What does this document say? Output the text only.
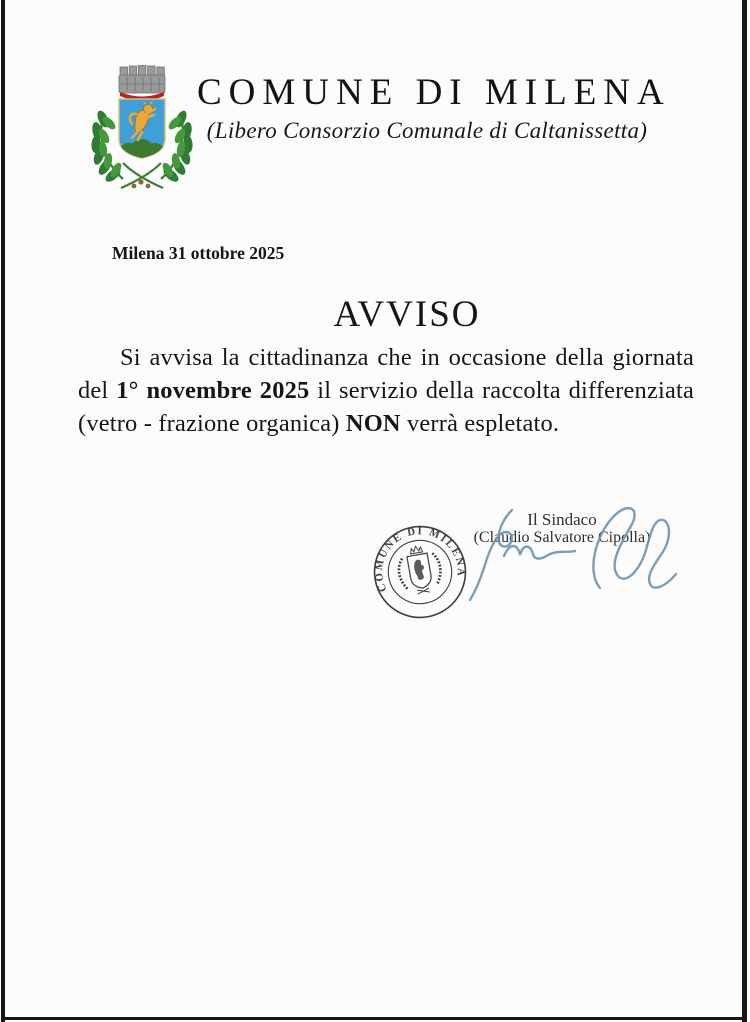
COMUNE DI MILENA
(Libero Consorzio Comunale di Caltanissetta)
Milena 31 ottobre 2025
AVVISO

Si avvisa la cittadinanza che in occasione della giornata del 1° novembre 2025 il servizio della raccolta differenziata (vetro - frazione organica) NON verrà espletato.

COMUNE DI MILENA
Il Sindaco
(Claudio Salvatore Cipolla)
